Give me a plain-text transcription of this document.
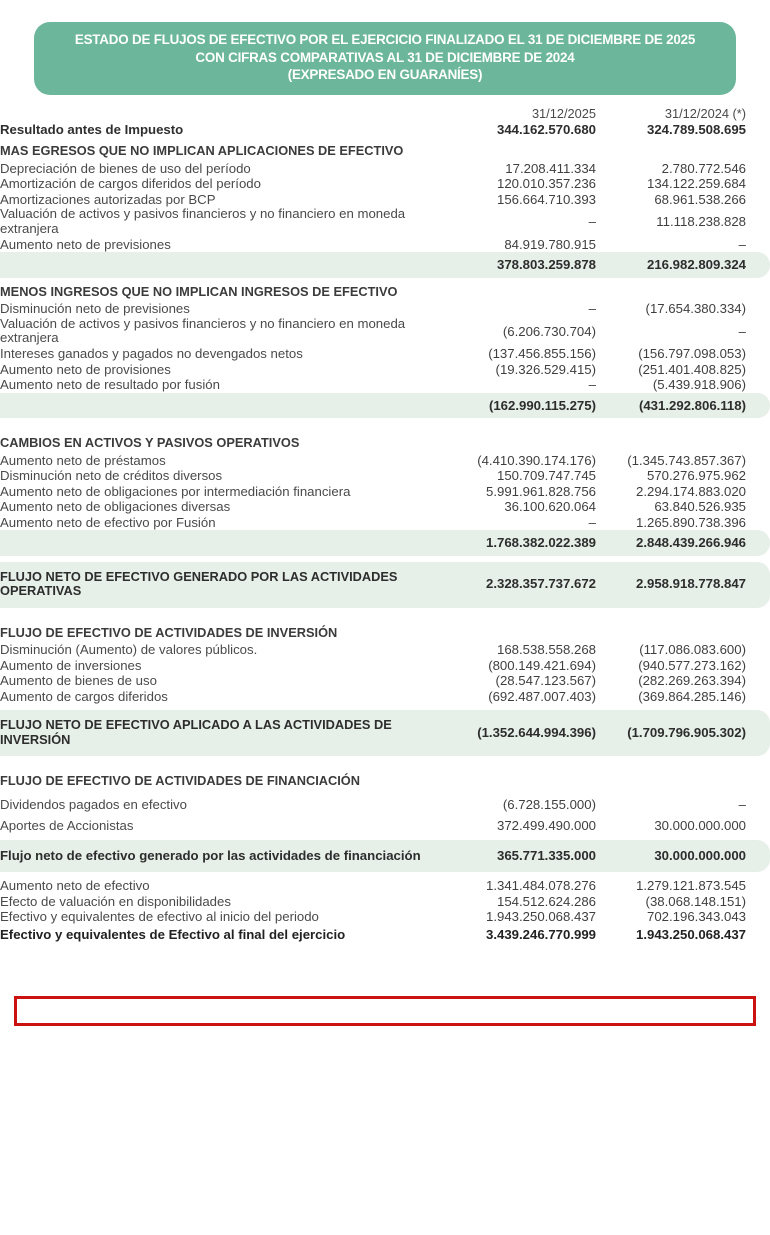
ESTADO DE FLUJOS DE EFECTIVO POR EL EJERCICIO FINALIZADO EL 31 DE DICIEMBRE DE 2025
CON CIFRAS COMPARATIVAS AL 31 DE DICIEMBRE DE 2024
(EXPRESADO EN GUARANÍES)
	31/12/2025	31/12/2024 (*)
Resultado antes de Impuesto	344.162.570.680	324.789.508.695
MAS EGRESOS QUE NO IMPLICAN APLICACIONES DE EFECTIVO		
Depreciación de bienes de uso del período	17.208.411.334	2.780.772.546
Amortización de cargos diferidos del período	120.010.357.236	134.122.259.684
Amortizaciones autorizadas por BCP	156.664.710.393	68.961.538.266
Valuación de activos y pasivos financieros y no financiero en moneda extranjera	–	11.118.238.828
Aumento neto de previsiones	84.919.780.915	–
	378.803.259.878	216.982.809.324
MENOS INGRESOS QUE NO IMPLICAN INGRESOS DE EFECTIVO		
Disminución neto de previsiones	–	(17.654.380.334)
Valuación de activos y pasivos financieros y no financiero en moneda extranjera	(6.206.730.704)	–
Intereses ganados y pagados no devengados netos	(137.456.855.156)	(156.797.098.053)
Aumento neto de provisiones	(19.326.529.415)	(251.401.408.825)
Aumento neto de resultado por fusión	–	(5.439.918.906)
	(162.990.115.275)	(431.292.806.118)

CAMBIOS EN ACTIVOS Y PASIVOS OPERATIVOS		
Aumento neto de préstamos	(4.410.390.174.176)	(1.345.743.857.367)
Disminución neto de créditos diversos	150.709.747.745	570.276.975.962
Aumento neto de obligaciones por intermediación financiera	5.991.961.828.756	2.294.174.883.020
Aumento neto de obligaciones diversas	36.100.620.064	63.840.526.935
Aumento neto de efectivo por Fusión	–	1.265.890.738.396
	1.768.382.022.389	2.848.439.266.946

FLUJO NETO DE EFECTIVO GENERADO POR LAS ACTIVIDADES OPERATIVAS	2.328.357.737.672	2.958.918.778.847

FLUJO DE EFECTIVO DE ACTIVIDADES DE INVERSIÓN		
Disminución (Aumento) de valores públicos.	168.538.558.268	(117.086.083.600)
Aumento de inversiones	(800.149.421.694)	(940.577.273.162)
Aumento de bienes de uso	(28.547.123.567)	(282.269.263.394)
Aumento de cargos diferidos	(692.487.007.403)	(369.864.285.146)

FLUJO NETO DE EFECTIVO APLICADO A LAS ACTIVIDADES DE INVERSIÓN	(1.352.644.994.396)	(1.709.796.905.302)

FLUJO DE EFECTIVO DE ACTIVIDADES DE FINANCIACIÓN		
Dividendos pagados en efectivo	(6.728.155.000)	–
Aportes de Accionistas	372.499.490.000	30.000.000.000

Flujo neto de efectivo generado por las actividades de financiación	365.771.335.000	30.000.000.000

Aumento neto de efectivo	1.341.484.078.276	1.279.121.873.545
Efecto de valuación en disponibilidades	154.512.624.286	(38.068.148.151)
Efectivo y equivalentes de efectivo al inicio del periodo	1.943.250.068.437	702.196.343.043
Efectivo y equivalentes de Efectivo al final del ejercicio	3.439.246.770.999	1.943.250.068.437
